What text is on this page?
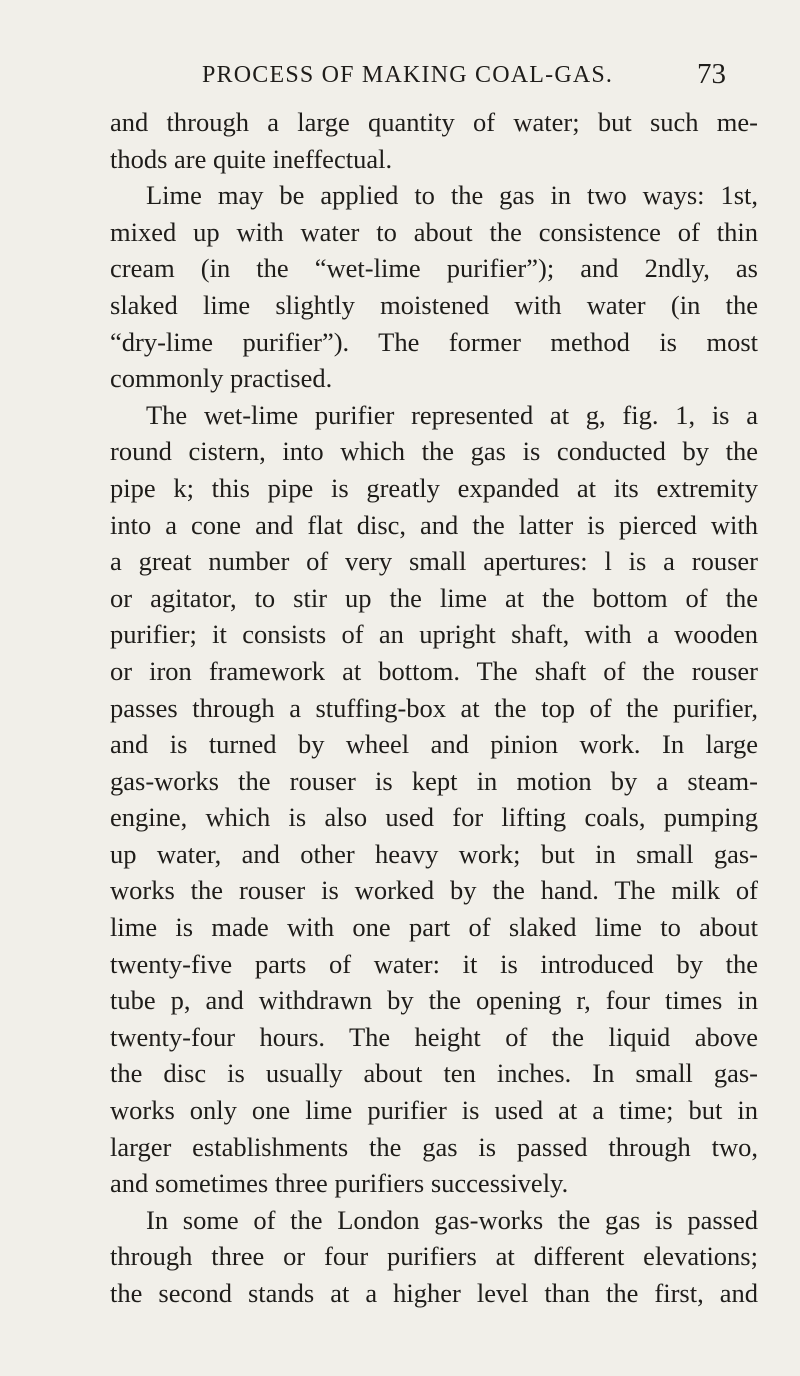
PROCESS OF MAKING COAL-GAS.	73
and through a large quantity of water; but such me-
thods are quite ineffectual.
Lime may be applied to the gas in two ways: 1st,
mixed up with water to about the consistence of thin
cream (in the “wet-lime purifier”); and 2ndly, as
slaked lime slightly moistened with water (in the
“dry-lime purifier”). The former method is most
commonly practised.
The wet-lime purifier represented at g, fig. 1, is a
round cistern, into which the gas is conducted by the
pipe k; this pipe is greatly expanded at its extremity
into a cone and flat disc, and the latter is pierced with
a great number of very small apertures: l is a rouser
or agitator, to stir up the lime at the bottom of the
purifier; it consists of an upright shaft, with a wooden
or iron framework at bottom. The shaft of the rouser
passes through a stuffing-box at the top of the purifier,
and is turned by wheel and pinion work. In large
gas-works the rouser is kept in motion by a steam-
engine, which is also used for lifting coals, pumping
up water, and other heavy work; but in small gas-
works the rouser is worked by the hand. The milk of
lime is made with one part of slaked lime to about
twenty-five parts of water: it is introduced by the
tube p, and withdrawn by the opening r, four times in
twenty-four hours. The height of the liquid above
the disc is usually about ten inches. In small gas-
works only one lime purifier is used at a time; but in
larger establishments the gas is passed through two,
and sometimes three purifiers successively.
In some of the London gas-works the gas is passed
through three or four purifiers at different elevations;
the second stands at a higher level than the first, and
